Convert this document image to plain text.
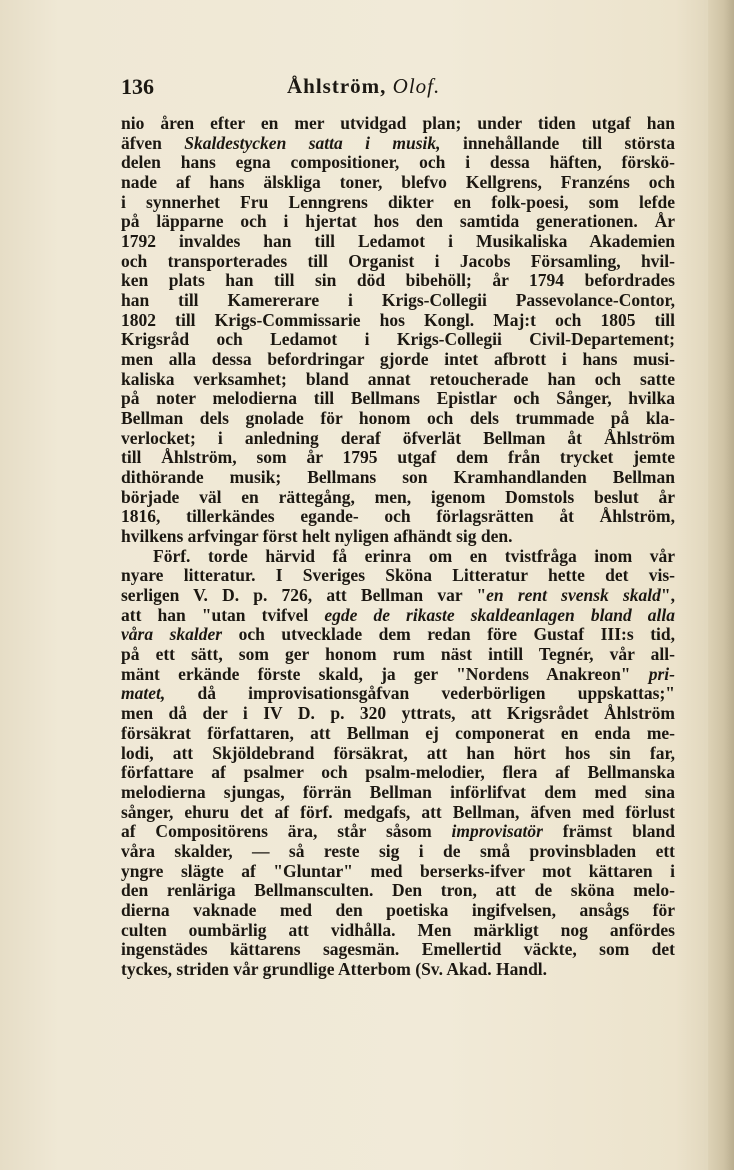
136	Åhlström, Olof.
nio åren efter en mer utvidgad plan; under tiden utgaf han
äfven Skaldestycken satta i musik, innehållande till största
delen hans egna compositioner, och i dessa häften, förskö-
nade af hans älskliga toner, blefvo Kellgrens, Franzéns och
i synnerhet Fru Lenngrens dikter en folk-poesi, som lefde
på läpparne och i hjertat hos den samtida generationen. År
1792 invaldes han till Ledamot i Musikaliska Akademien
och transporterades till Organist i Jacobs Församling, hvil-
ken plats han till sin död bibehöll; år 1794 befordrades
han till Kamererare i Krigs-Collegii Passevolance-Contor,
1802 till Krigs-Commissarie hos Kongl. Maj:t och 1805 till
Krigsråd och Ledamot i Krigs-Collegii Civil-Departement;
men alla dessa befordringar gjorde intet afbrott i hans musi-
kaliska verksamhet; bland annat retoucherade han och satte
på noter melodierna till Bellmans Epistlar och Sånger, hvilka
Bellman dels gnolade för honom och dels trummade på kla-
verlocket; i anledning deraf öfverlät Bellman åt Åhlström
till Åhlström, som år 1795 utgaf dem från trycket jemte
dithörande musik; Bellmans son Kramhandlanden Bellman
började väl en rättegång, men, igenom Domstols beslut år
1816, tillerkändes egande- och förlagsrätten åt Åhlström,
hvilkens arfvingar först helt nyligen afhändt sig den.
Förf. torde härvid få erinra om en tvistfråga inom vår
nyare litteratur. I Sveriges Sköna Litteratur hette det vis-
serligen V. D. p. 726, att Bellman var "en rent svensk skald",
att han "utan tvifvel egde de rikaste skaldeanlagen bland alla
våra skalder och utvecklade dem redan före Gustaf III:s tid,
på ett sätt, som ger honom rum näst intill Tegnér, vår all-
mänt erkände förste skald, ja ger "Nordens Anakreon" pri-
matet, då improvisationsgåfvan vederbörligen uppskattas;"
men då der i IV D. p. 320 yttrats, att Krigsrådet Åhlström
försäkrat författaren, att Bellman ej componerat en enda me-
lodi, att Skjöldebrand försäkrat, att han hört hos sin far,
författare af psalmer och psalm-melodier, flera af Bellmanska
melodierna sjungas, förrän Bellman införlifvat dem med sina
sånger, ehuru det af förf. medgafs, att Bellman, äfven med förlust
af Compositörens ära, står såsom improvisatör främst bland
våra skalder, — så reste sig i de små provinsbladen ett
yngre slägte af "Gluntar" med berserks-ifver mot kättaren i
den renläriga Bellmansculten. Den tron, att de sköna melo-
dierna vaknade med den poetiska ingifvelsen, ansågs för
culten oumbärlig att vidhålla. Men märkligt nog anfördes
ingenstädes kättarens sagesmän. Emellertid väckte, som det
tyckes, striden vår grundlige Atterbom (Sv. Akad. Handl.
